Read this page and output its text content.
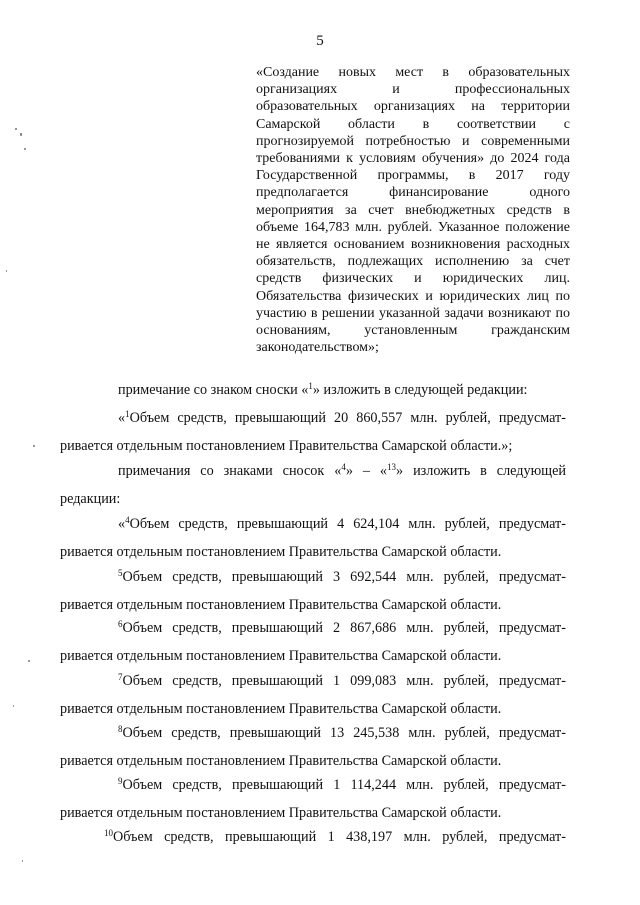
5
«Создание новых мест в образовательных организациях и профессиональных образовательных организациях на территории Самарской области в соответствии с прогнозируемой потребностью и современными требованиями к условиям обучения» до 2024 года Государственной программы, в 2017 году предполагается финансирование одного мероприятия за счет внебюджетных средств в объеме 164,783 млн. рублей. Указанное положение не является основанием возникновения расходных обязательств, подлежащих исполнению за счет средств физических и юридических лиц. Обязательства физических и юридических лиц по участию в решении указанной задачи возникают по основаниям, установленным гражданским законодательством»;
примечание со знаком сноски «$^1$» изложить в следующей редакции:
«$^1$Объем средств, превышающий 20 860,557 млн. рублей, предусмат-
ривается отдельным постановлением Правительства Самарской области.»;
примечания со знаками сносок «$^4$» – «$^{13}$» изложить в следующей
редакции:
«$^4$Объем средств, превышающий 4 624,104 млн. рублей, предусмат-
ривается отдельным постановлением Правительства Самарской области.
$^5$Объем средств, превышающий 3 692,544 млн. рублей, предусмат-
ривается отдельным постановлением Правительства Самарской области.
$^6$Объем средств, превышающий 2 867,686 млн. рублей, предусмат-
ривается отдельным постановлением Правительства Самарской области.
$^7$Объем средств, превышающий 1 099,083 млн. рублей, предусмат-
ривается отдельным постановлением Правительства Самарской области.
$^8$Объем средств, превышающий 13 245,538 млн. рублей, предусмат-
ривается отдельным постановлением Правительства Самарской области.
$^9$Объем средств, превышающий 1 114,244 млн. рублей, предусмат-
ривается отдельным постановлением Правительства Самарской области.
$^{10}$Объем средств, превышающий 1 438,197 млн. рублей, предусмат-
